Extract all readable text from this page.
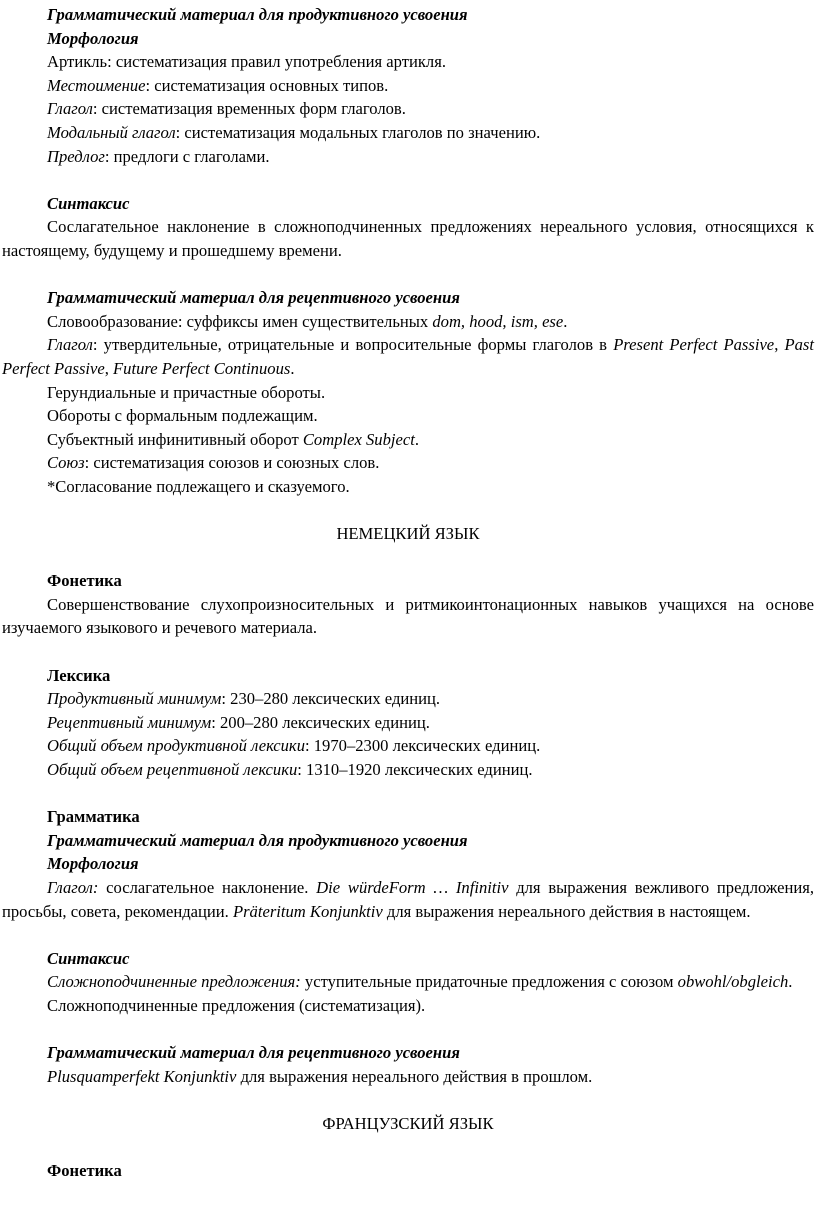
Грамматический материал для продуктивного усвоения

Морфология

Артикль: систематизация правил употребления артикля.

Местоимение: систематизация основных типов.

Глагол: систематизация временных форм глаголов.

Модальный глагол: систематизация модальных глаголов по значению.

Предлог: предлоги с глаголами.

Синтаксис

Сослагательное наклонение в сложноподчиненных предложениях нереального условия, относящихся к настоящему, будущему и прошедшему времени.

Грамматический материал для рецептивного усвоения

Словообразование: суффиксы имен существительных dom, hood, ism, ese.

Глагол: утвердительные, отрицательные и вопросительные формы глаголов в Present Perfect Passive, Past Perfect Passive, Future Perfect Continuous.

Герундиальные и причастные обороты.

Обороты с формальным подлежащим.

Субъектный инфинитивный оборот Complex Subject.

Союз: систематизация союзов и союзных слов.

*Согласование подлежащего и сказуемого.

НЕМЕЦКИЙ ЯЗЫК

Фонетика

Совершенствование слухопроизносительных и ритмикоинтонационных навыков учащихся на основе изучаемого языкового и речевого материала.

Лексика

Продуктивный минимум: 230–280 лексических единиц.

Рецептивный минимум: 200–280 лексических единиц.

Общий объем продуктивной лексики: 1970–2300 лексических единиц.

Общий объем рецептивной лексики: 1310–1920 лексических единиц.

Грамматика

Грамматический материал для продуктивного усвоения

Морфология

Глагол: сослагательное наклонение. Die würdeForm … Infinitiv для выражения вежливого предложения, просьбы, совета, рекомендации. Präteritum Konjunktiv для выражения нереального действия в настоящем.

Синтаксис

Сложноподчиненные предложения: уступительные придаточные предложения с союзом obwohl/obgleich.

Сложноподчиненные предложения (систематизация).

Грамматический материал для рецептивного усвоения

Plusquamperfekt Konjunktiv для выражения нереального действия в прошлом.

ФРАНЦУЗСКИЙ ЯЗЫК

Фонетика
